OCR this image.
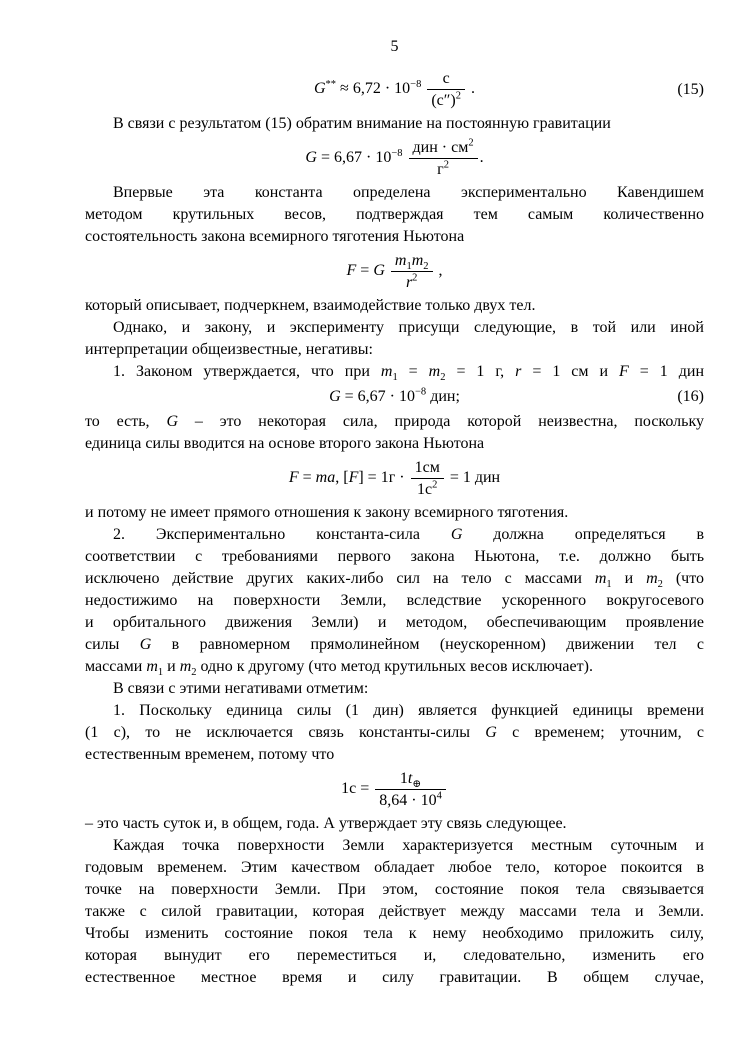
5
$G^{**} \approx 6,72 \cdot 10^{-8} \frac{с}{(с'')^2}$ .	(15)
В связи с результатом (15) обратим внимание на постоянную гравитации
$G = 6,67 \cdot 10^{-8} \frac{дин \cdot см^2}{г^2}$ .
Впервые эта константа определена экспериментально Кавендишем
методом крутильных весов, подтверждая тем самым количественно
состоятельность закона всемирного тяготения Ньютона
F = G $\frac{m_1m_2}{r^2}$ ,
который описывает, подчеркнем, взаимодействие только двух тел.
Однако, и закону, и эксперименту присущи следующие, в той или иной
интерпретации общеизвестные, негативы:
1. Законом утверждается, что при $m_1 = m_2 = 1$ г, r = 1 см и F = 1 дин
$G = 6,67 \cdot 10^{-8}$ дин;	(16)
то есть, G – это некоторая сила, природа которой неизвестна, поскольку
единица силы вводится на основе второго закона Ньютона
F = ma, $[F] = 1г \cdot \frac{1см}{1с^2} = 1$ дин
и потому не имеет прямого отношения к закону всемирного тяготения.
2. Экспериментально константа-сила G должна определяться в
соответствии с требованиями первого закона Ньютона, т.е. должно быть
исключено действие других каких-либо сил на тело с массами $m_1$ и $m_2$ (что
недостижимо на поверхности Земли, вследствие ускоренного вокругосевого
и орбитального движения Земли) и методом, обеспечивающим проявление
силы G в равномерном прямолинейном (неускоренном) движении тел с
массами $m_1$ и $m_2$ одно к другому (что метод крутильных весов исключает).
В связи с этими негативами отметим:
1. Поскольку единица силы (1 дин) является функцией единицы времени
(1 с), то не исключается связь константы-силы G с временем; уточним, с
естественным временем, потому что
$1с = \frac{1t_\oplus}{8,64 \cdot 10^4}$
– это часть суток и, в общем, года. А утверждает эту связь следующее.
Каждая точка поверхности Земли характеризуется местным суточным и
годовым временем. Этим качеством обладает любое тело, которое покоится в
точке на поверхности Земли. При этом, состояние покоя тела связывается
также с силой гравитации, которая действует между массами тела и Земли.
Чтобы изменить состояние покоя тела к нему необходимо приложить силу,
которая вынудит его переместиться и, следовательно, изменить его
естественное местное время и силу гравитации. В общем случае,
